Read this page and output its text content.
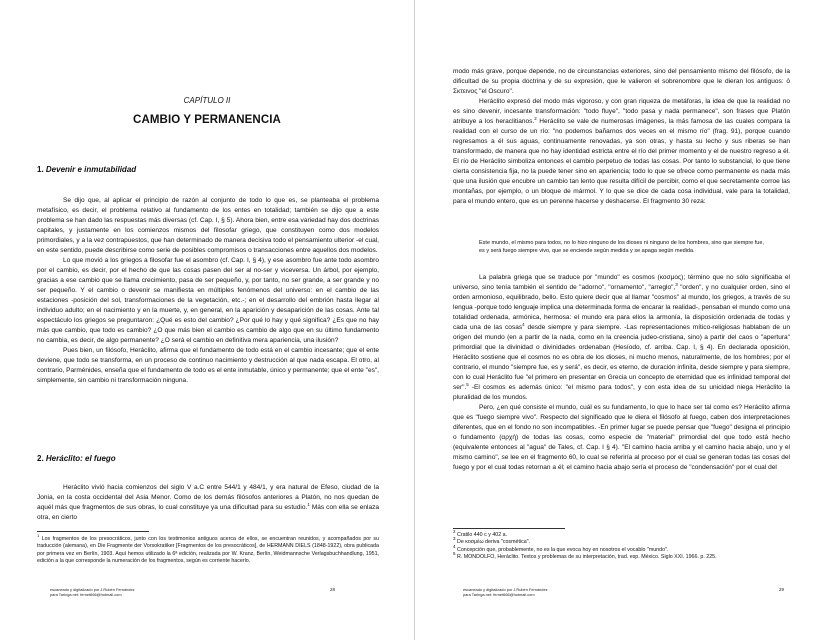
CAPÍTULO II
CAMBIO Y PERMANENCIA
1. Devenir e inmutabilidad

Se dijo que, al aplicar el principio de razón al conjunto de todo lo que es, se planteaba el problema metafísico, es decir, el problema relativo al fundamento de los entes en totalidad; también se dijo que a este problema se han dado las respuestas más diversas (cf. Cap. I, § 5). Ahora bien, entre esa variedad hay dos doctrinas capitales, y justamente en los comienzos mismos del filosofar griego, que constituyen como dos modelos primordiales, y a la vez contrapuestos, que han determinado de manera decisiva todo el pensamiento ulterior -el cual, en este sentido, puede describirse como serie de posibles compromisos o transacciones entre aquellos dos modelos.

Lo que movió a los griegos a filosofar fue el asombro (cf. Cap. I, § 4), y ese asombro fue ante todo asombro por el cambio, es decir, por el hecho de que las cosas pasen del ser al no-ser y viceversa. Un árbol, por ejemplo, gracias a ese cambio que se llama crecimiento, pasa de ser pequeño, y, por tanto, no ser grande, a ser grande y no ser pequeño. Y el cambio o devenir se manifiesta en múltiples fenómenos del universo: en el cambio de las estaciones -posición del sol, transformaciones de la vegetación, etc.-; en el desarrollo del embrión hasta llegar al individuo adulto; en el nacimiento y en la muerte, y, en general, en la aparición y desaparición de las cosas. Ante tal espectáculo los griegos se preguntaron: ¿Qué es esto del cambio? ¿Por qué lo hay y qué significa? ¿Es que no hay más que cambio, que todo es cambio? ¿O que más bien el cambio es cambio de algo que en su último fundamento no cambia, es decir, de algo permanente? ¿O será el cambio en definitiva mera apariencia, una ilusión?

Pues bien, un filósofo, Heráclito, afirma que el fundamento de todo está en el cambio incesante; que el ente deviene, que todo se transforma, en un proceso de continuo nacimiento y destrucción al que nada escapa. El otro, al contrario, Parménides, enseña que el fundamento de todo es el ente inmutable, único y permanente; que el ente "es", simplemente, sin cambio ni transformación ninguna.

2. Heráclito: el fuego

Heráclito vivió hacia comienzos del siglo V a.C entre 544/1 y 484/1, y era natural de Efeso, ciudad de la Jonia, en la costa occidental del Asia Menor. Como de los demás filósofos anteriores a Platón, no nos quedan de aquél más que fragmentos de sus obras, lo cual constituye ya una dificultad para su estudio.$^1$ Más con ella se enlaza otra, en cierto

$^1$ Los fragmentos de los presocráticos, junto con los testimonios antiguos acerca de ellos, se encuentran reunidos, y acompañados por su traducción (alemana), en Die Fragmente der Vorsokratiker [Fragmentos de los presocráticos], de HERMANN DIELS (1848-1922), obra publicada por primera vez en Berlín, 1903. Aquí hemos utilizado la 6ª edición, realizada por W. Kranz, Berlín, Weidmannsche Verlagsbuchhandlung, 1951, edición a la que corresponde la numeración de los fragmentos, según es corriente hacerlo.
escaneado y digitalizado por J.Rubén Fernández
para Taringa.net: fernet666@hotmail.com
28

modo más grave, porque depende, no de circunstancias exteriores, sino del pensamiento mismo del filósofo, de la dificultad de su propia doctrina y de su expresión, que le valieron el sobrenombre que le dieran los antiguos: ὁ Σκτεινος "el Oscuro".

Heráclito expresó del modo más vigoroso, y con gran riqueza de metáforas, la idea de que la realidad no es sino devenir, incesante transformación: "todo fluye", "todo pasa y nada permanece", son frases que Platón atribuye a los heraclitianos.$^2$ Heráclito se vale de numerosas imágenes, la más famosa de las cuales compara la realidad con el curso de un río: "no podemos bañarnos dos veces en el mismo río" (frag. 91), porque cuando regresamos a él sus aguas, continuamente renovadas, ya son otras, y hasta su lecho y sus riberas se han transformado, de manera que no hay identidad estricta entre el río del primer momento y el de nuestro regreso a él. El río de Heráclito simboliza entonces el cambio perpetuo de todas las cosas. Por tanto lo substancial, lo que tiene cierta consistencia fija, no la puede tener sino en apariencia; todo lo que se ofrece como permanente es nada más que una ilusión que encubre un cambio tan lento que resulta difícil de percibir, como el que secretamente corroe las montañas, por ejemplo, o un bloque de mármol. Y lo que se dice de cada cosa individual, vale para la totalidad, para el mundo entero, que es un perenne hacerse y deshacerse. El fragmento 30 reza:

Este mundo, el mismo para todos, no lo hizo ninguno de los dioses ni ninguno de los hombres, sino que siempre fue, es y será fuego siempre vivo, que se enciende según medida y se apaga según medida.

La palabra griega que se traduce por "mundo" es cosmos (κοσμος); término que no sólo significaba el universo, sino tenía también el sentido de "adorno", "ornamento", "arreglo",$^3$ "orden", y no cualquier orden, sino el orden armonioso, equilibrado, bello. Esto quiere decir que al llamar "cosmos" al mundo, los griegos, a través de su lengua -porque todo lenguaje implica una determinada forma de encarar la realidad-, pensaban el mundo como una totalidad ordenada, armónica, hermosa: el mundo era para ellos la armonía, la disposición ordenada de todas y cada una de las cosas$^4$ desde siempre y para siempre. -Las representaciones mítico-religiosas hablaban de un origen del mundo (en a partir de la nada, como en la creencia judeo-cristiana, sino) a partir del caos o "apertura" primordial que la divinidad o divinidades ordenaban (Hesíodo, cf. arriba. Cap. I, § 4). En declarada oposición, Heráclito sostiene que el cosmos no es obra de los dioses, ni mucho menos, naturalmente, de los hombres; por el contrario, el mundo "siempre fue, es y será", es decir, es eterno, de duración infinita, desde siempre y para siempre, con lo cual Heráclito fue "el primero en presentar en Grecia un concepto de eternidad que es infinidad temporal del ser".$^5$ -El cosmos es además único: "el mismo para todos", y con esta idea de su unicidad niega Heráclito la pluralidad de los mundos.

Pero, ¿en qué consiste el mundo, cuál es su fundamento, lo que lo hace ser tal como es? Heráclito afirma que es "fuego siempre vivo". Respecto del significado que le diera el filósofo al fuego, caben dos interpretaciones diferentes, que en el fondo no son incompatibles. -En primer lugar se puede pensar que "fuego" designa el principio o fundamento (αρχή) de todas las cosas, como especie de "material" primordial del que todo está hecho (equivalente entonces al "agua" de Tales, cf. Cap. I § 4). "El camino hacia arriba y el camino hacia abajo, uno y el mismo camino", se lee en el fragmento 60, lo cual se referiría al proceso por el cual se generan todas las cosas del fuego y por el cual todas retornan a él; el camino hacia abajo sería el proceso de "condensación" por el cual del

$^2$ Cratilo 440 c y 402 a.
$^3$ De κοσμέω deriva "cosmética".
$^4$ Concepción que, probablemente, no es la que evoca hoy en nosotros el vocablo "mundo".
$^5$ R. MONDOLFO, Heráclito. Textos y problemas de su interpretación, trad. esp. México. Siglo XXI. 1966. p. 225.
escaneado y digitalizado por J.Rubén Fernández
para Taringa.net: fernet666@hotmail.com
29
